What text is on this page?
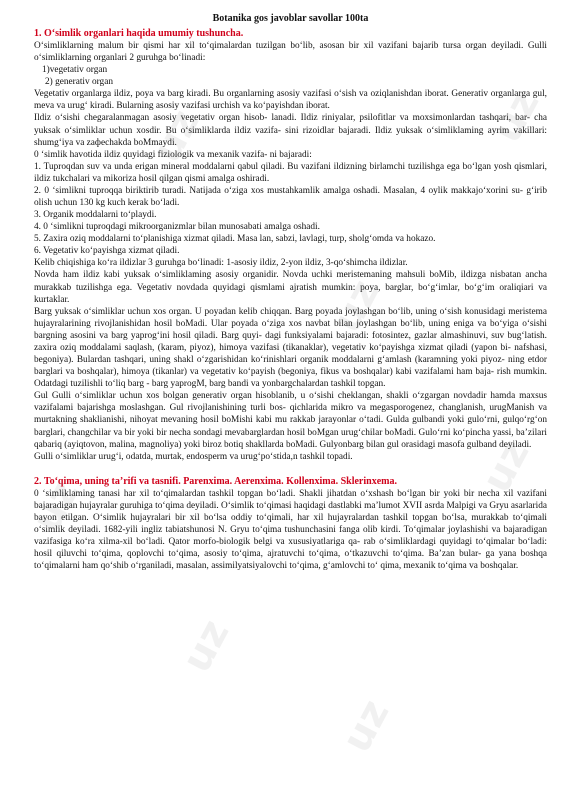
uz
uz
uz
uz
uz
uz
uz
Botanika gos javoblar savollar 100ta
1. O‘simlik organlari haqida umumiy tushuncha.

O‘simliklarning malum bir qismi har xil to‘qimalardan tuzilgan bo‘lib, asosan bir xil vazifani bajarib tursa organ deyiladi. Gulli o‘simliklarning organlari 2 guruhga bo‘linadi:

1)vegetativ organ

2) generativ organ

Vegetativ organlarga ildiz, poya va barg kiradi. Bu organlarning asosiy vazifasi o‘sish va oziqlanishdan iborat. Generativ organlarga gul, meva va urug‘ kiradi. Bularning asosiy vazifasi urchish va ko‘payishdan iborat.

Ildiz o‘sishi chegaralanmagan asosiy vegetativ organ hisob- lanadi. Ildiz riniyalar, psilofitlar va moxsimonlardan tashqari, bar- cha yuksak o‘simliklar uchun xosdir. Bu o‘simliklarda ildiz vazifa- sini rizoidlar bajaradi. Ildiz yuksak o‘simliklaming ayrim vakillari: shumg‘iya va zaфechakda boMmaydi.

0 ‘simlik havotida ildiz quyidagi fiziologik va mexanik vazifa- ni bajaradi:

1. Tuproqdan suv va unda erigan mineral moddalarni qabul qiladi. Bu vazifani ildizning birlamchi tuzilishga ega bo‘lgan yosh qismlari, ildiz tukchalari va mikoriza hosil qilgan qismi amalga oshiradi.

2. 0 ‘simlikni tuproqqa biriktirib turadi. Natijada o‘ziga xos mustahkamlik amalga oshadi. Masalan, 4 oylik makkajo‘xorini su- g‘irib olish uchun 130 kg kuch kerak bo‘ladi.

3. Organik moddalarni to‘playdi.

4. 0 ‘simlikni tuproqdagi mikroorganizmlar bilan munosabati amalga oshadi.

5. Zaxira oziq moddalarni to‘planishiga xizmat qiladi. Masa lan, sabzi, lavlagi, turp, sholg‘omda va hokazo.

6. Vegetativ ko‘payishga xizmat qiladi.

Kelib chiqishiga ko‘ra ildizlar 3 guruhga bo‘linadi: 1-asosiy ildiz, 2-yon ildiz, 3-qo‘shimcha ildizlar.

Novda ham ildiz kabi yuksak o‘simliklaming asosiy organidir. Novda uchki meristemaning mahsuli boMib, ildizga nisbatan ancha murakkab tuzilishga ega. Vegetativ novdada quyidagi qismlami ajratish mumkin: poya, barglar, bo‘g‘imlar, bo‘g‘im oraliqiari va kurtaklar.

Barg yuksak o‘simliklar uchun xos organ. U poyadan kelib chiqqan. Barg poyada joylashgan bo‘lib, uning o‘sish konusidagi meristema hujayralarining rivojlanishidan hosil boMadi. Ular poyada o‘ziga xos navbat bilan joylashgan bo‘lib, uning eniga va bo‘yiga o‘sishi bargning asosini va barg yaprog‘ini hosil qiladi. Barg quyi- dagi funksiyalami bajaradi: fotosintez, gazlar almashinuvi, suv bug‘latish. zaxira oziq moddalami saqlash, (karam, piyoz), himoya vazifasi (tikanaklar), vegetativ ko‘payishga xizmat qiladi (yapon bi- nafshasi, begoniya). Bulardan tashqari, uning shakl o‘zgarishidan ko‘rinishlari organik moddalarni g‘amlash (karamning yoki piyoz- ning etdor barglari va boshqalar), himoya (tikanlar) va vegetativ ko‘payish (begoniya, fikus va boshqalar) kabi vazifalami ham baja- rish mumkin. Odatdagi tuzilishli to‘liq barg - barg yaprogM, barg bandi va yonbargchalardan tashkil topgan.

Gul Gulli o‘simliklar uchun xos bolgan generativ organ hisoblanib, u o‘sishi cheklangan, shakli o‘zgargan novdadir hamda maxsus vazifalami bajarishga moslashgan. Gul rivojlanishining turli bos- qichlarida mikro va megasporogenez, changlanish, urugManish va murtakning shaklianishi, nihoyat mevaning hosil boMishi kabi mu rakkab jarayonlar o‘tadi. Gulda gulbandi yoki gulo‘rni, gulqo‘rg‘on barglari, changchilar va bir yoki bir necha sondagi mevabarglardan hosil boMgan urug‘chilar boMadi. Gulo‘rni ko‘pincha yassi, ba’zilari qabariq (ayiqtovon, malina, magnoliya) yoki biroz botiq shakllarda boMadi. Gulyonbarg bilan gul orasidagi masofa gulband deyiladi.

Gulli o‘simliklar urug‘i, odatda, murtak, endosperm va urug‘po‘stida,n tashkil topadi.

2. To‘qima, uning ta’rifi va tasnifi. Parenxima. Aerenxima. Kollenxima. Sklerinxema.

0 ‘simliklaming tanasi har xil to‘qimalardan tashkil topgan bo‘ladi. Shakli jihatdan o‘xshash bo‘lgan bir yoki bir necha xil vazifani bajaradigan hujayralar guruhiga to‘qima deyiladi. O‘simlik to‘qimasi haqidagi dastlabki ma’lumot XVII asrda Malpigi va Gryu asarlarida bayon etilgan. O‘simlik hujayralari bir xil bo‘lsa oddiy to‘qimali, har xil hujayralardan tashkil topgan bo‘lsa, murakkab to‘qimali o‘simlik deyiladi. 1682-yili ingliz tabiatshunosi N. Gryu to‘qima tushunchasini fanga olib kirdi. To‘qimalar joylashishi va bajaradigan vazifasiga ko‘ra xilma-xil bo‘ladi. Qator morfo-biologik belgi va xususiyatlariga qa- rab o‘simliklardagi quyidagi to‘qimalar bo‘ladi: hosil qiluvchi to‘qima, qoplovchi to‘qima, asosiy to‘qima, ajratuvchi to‘qima, o‘tkazuvchi to‘qima. Ba’zan bular- ga yana boshqa to‘qimalarni ham qo‘shib o‘rganiladi, masalan, assimilyatsiyalovchi to‘qima, g‘amlovchi to‘ qima, mexanik to‘qima va boshqalar.
